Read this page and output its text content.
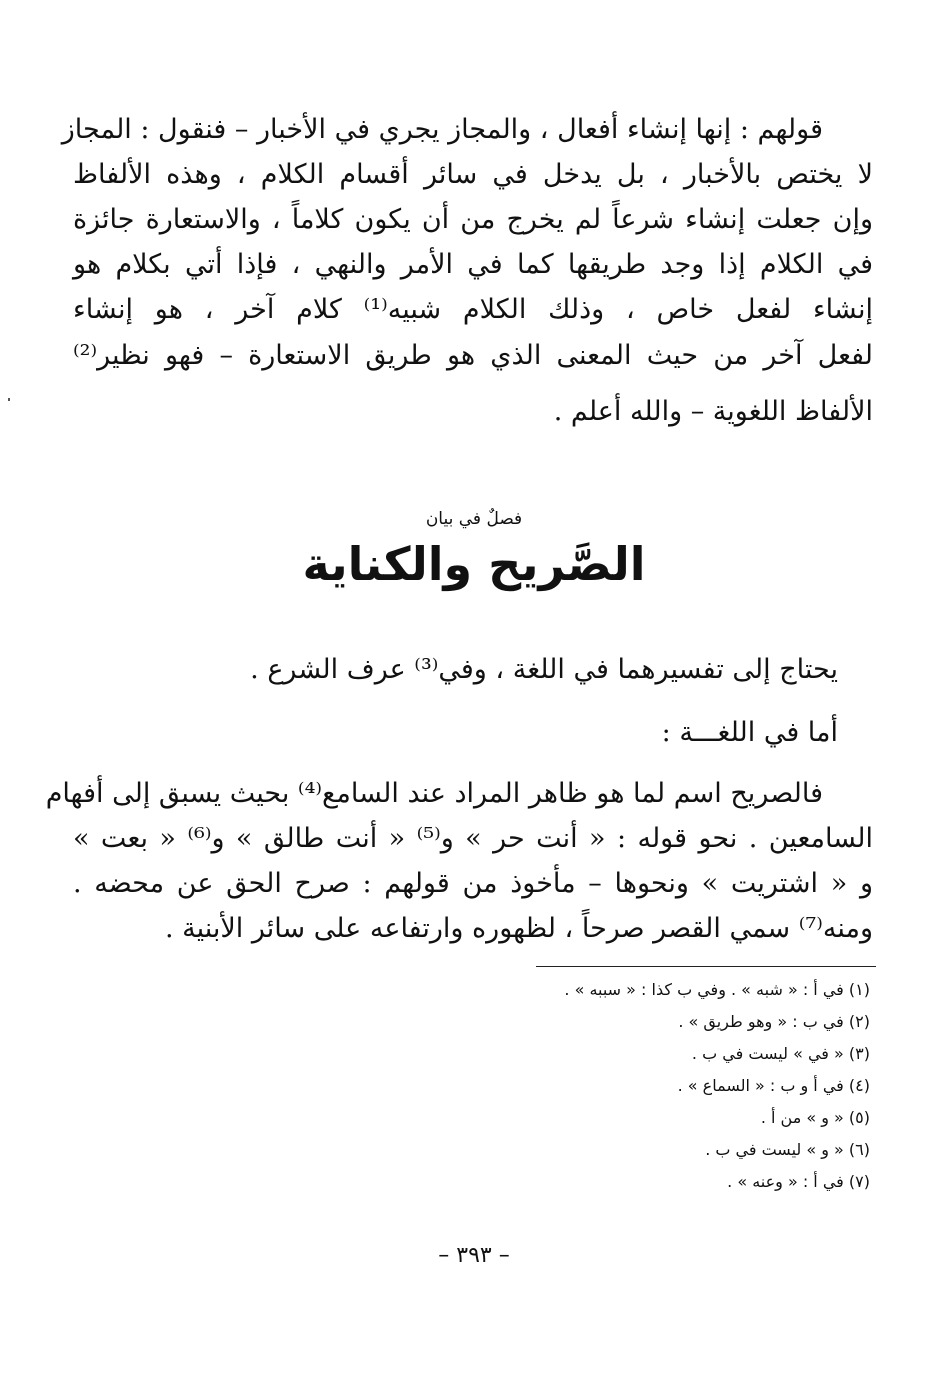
قولهم : إنها إنشاء أفعال ، والمجاز يجري في الأخبار – فنقول : المجاز
لا يختص بالأخبار ، بل يدخل في سائر أقسام الكلام ، وهذه الألفاظ
وإن جعلت إنشاء شرعاً لم يخرج من أن يكون كلاماً ، والاستعارة جائزة
في الكلام إذا وجد طريقها كما في الأمر والنهي ، فإذا أتي بكلام هو
إنشاء لفعل خاص ، وذلك الكلام شبيه⁽¹⁾ كلام آخر ، هو إنشاء
لفعل آخر من حيث المعنى الذي هو طريق الاستعارة – فهو نظير⁽²⁾
الألفاظ اللغوية – والله أعلم .
فصلٌ في بيان
الصَّريح والكناية
يحتاج إلى تفسيرهما في اللغة ، وفي⁽³⁾ عرف الشرع .
أما في اللغـــة :
فالصريح اسم لما هو ظاهر المراد عند السامع⁽⁴⁾ بحيث يسبق إلى أفهام
السامعين . نحو قوله : « أنت حر » و⁽⁵⁾ « أنت طالق » و⁽⁶⁾ « بعت »
و « اشتريت » ونحوها – مأخوذ من قولهم : صرح الحق عن محضه .
ومنه⁽⁷⁾ سمي القصر صرحاً ، لظهوره وارتفاعه على سائر الأبنية .
(١) في أ : « شبه » . وفي ب كذا : « سببه » .
(٢) في ب : « وهو طريق » .
(٣) « في » ليست في ب .
(٤) في أ و ب : « السماع » .
(٥) « و » من أ .
(٦) « و » ليست في ب .
(٧) في أ : « وعنه » .
– ٣٩٣ –
